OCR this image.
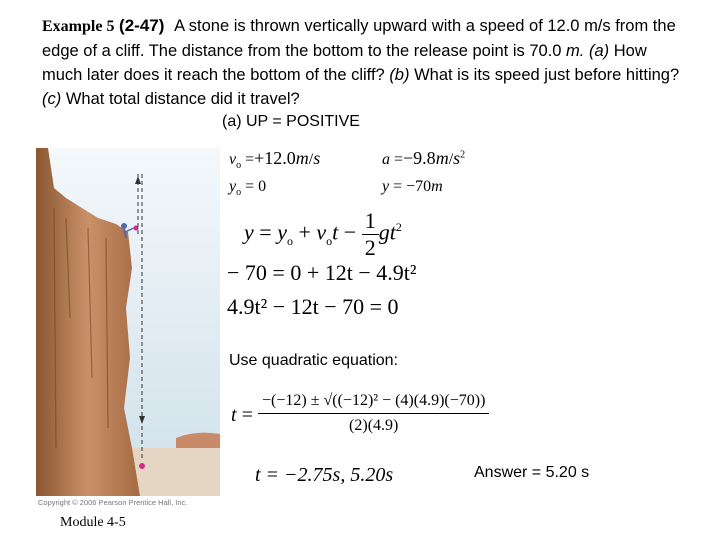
Example 5 (2-47) A stone is thrown vertically upward with a speed of 12.0 m/s from the edge of a cliff. The distance from the bottom to the release point is 70.0 m. (a) How much later does it reach the bottom of the cliff? (b) What is its speed just before hitting? (c) What total distance did it travel?
Copyright © 2006 Pearson Prentice Hall, Inc.
(a) UP = POSITIVE
$v_o =+12.0m/s$	$a =-9.8m/s^2$
$y_o = 0$	y = −70m
$y = y_o + v_ot - \frac{1}{2} gt^2$
− 70 = 0 + 12t − 4.9t²
4.9t² − 12t − 70 = 0
Use quadratic equation:
$t = \frac{\text{−(−12) ± √((−12)² − (4)(4.9)(−70))}}{(2)(4.9)}$
t = −2.75s, 5.20s	Answer = 5.20 s
Module 4-5
